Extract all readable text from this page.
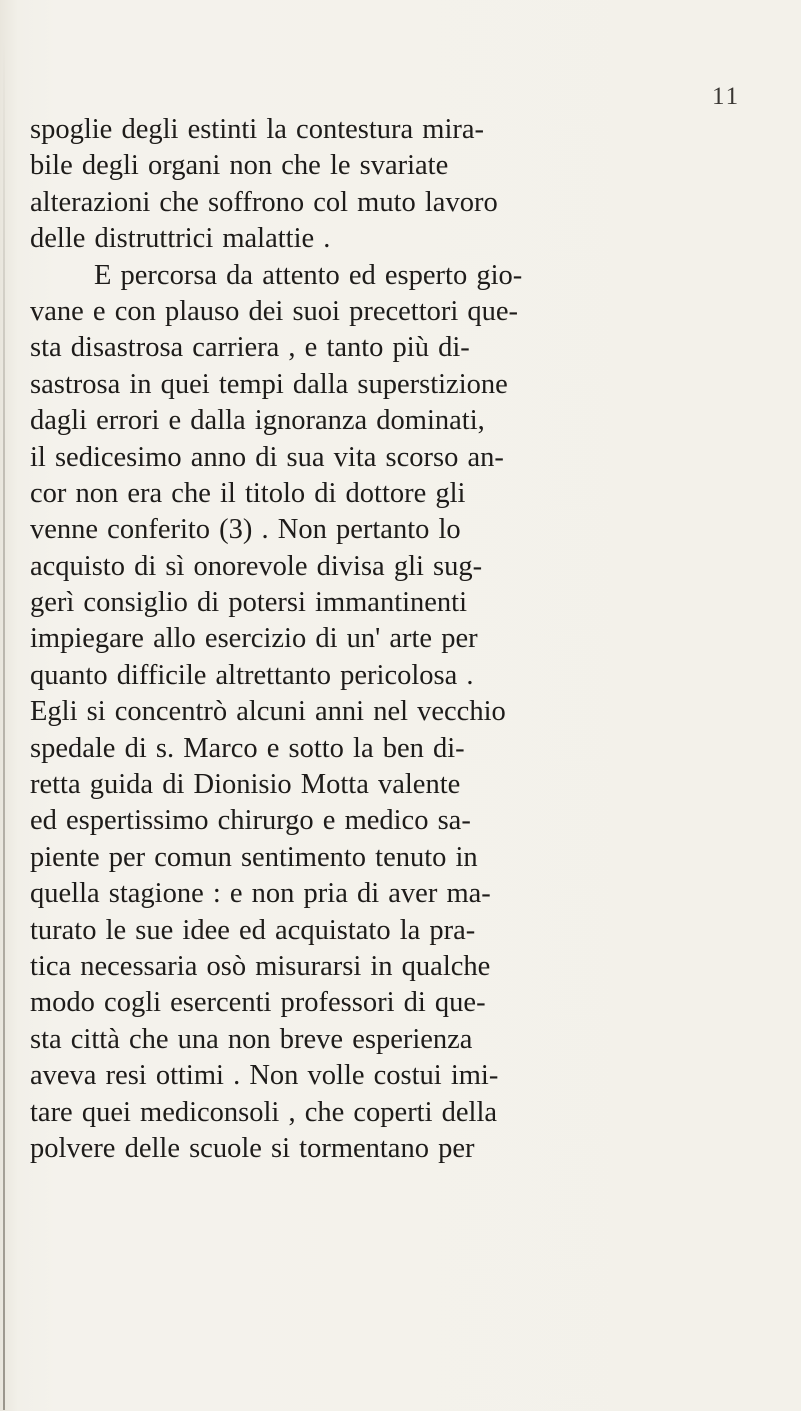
11
spoglie degli estinti la contestura mira-
bile degli organi non che le svariate
alterazioni che soffrono col muto lavoro
delle distruttrici malattie .
E percorsa da attento ed esperto gio-
vane e con plauso dei suoi precettori que-
sta disastrosa carriera , e tanto più di-
sastrosa in quei tempi dalla superstizione
dagli errori e dalla ignoranza dominati,
il sedicesimo anno di sua vita scorso an-
cor non era che il titolo di dottore gli
venne conferito (3) . Non pertanto lo
acquisto di sì onorevole divisa gli sug-
gerì consiglio di potersi immantinenti
impiegare allo esercizio di un' arte per
quanto difficile altrettanto pericolosa .
Egli si concentrò alcuni anni nel vecchio
spedale di s. Marco e sotto la ben di-
retta guida di Dionisio Motta valente
ed espertissimo chirurgo e medico sa-
piente per comun sentimento tenuto in
quella stagione : e non pria di aver ma-
turato le sue idee ed acquistato la pra-
tica necessaria osò misurarsi in qualche
modo cogli esercenti professori di que-
sta città che una non breve esperienza
aveva resi ottimi . Non volle costui imi-
tare quei mediconsoli , che coperti della
polvere delle scuole si tormentano per
